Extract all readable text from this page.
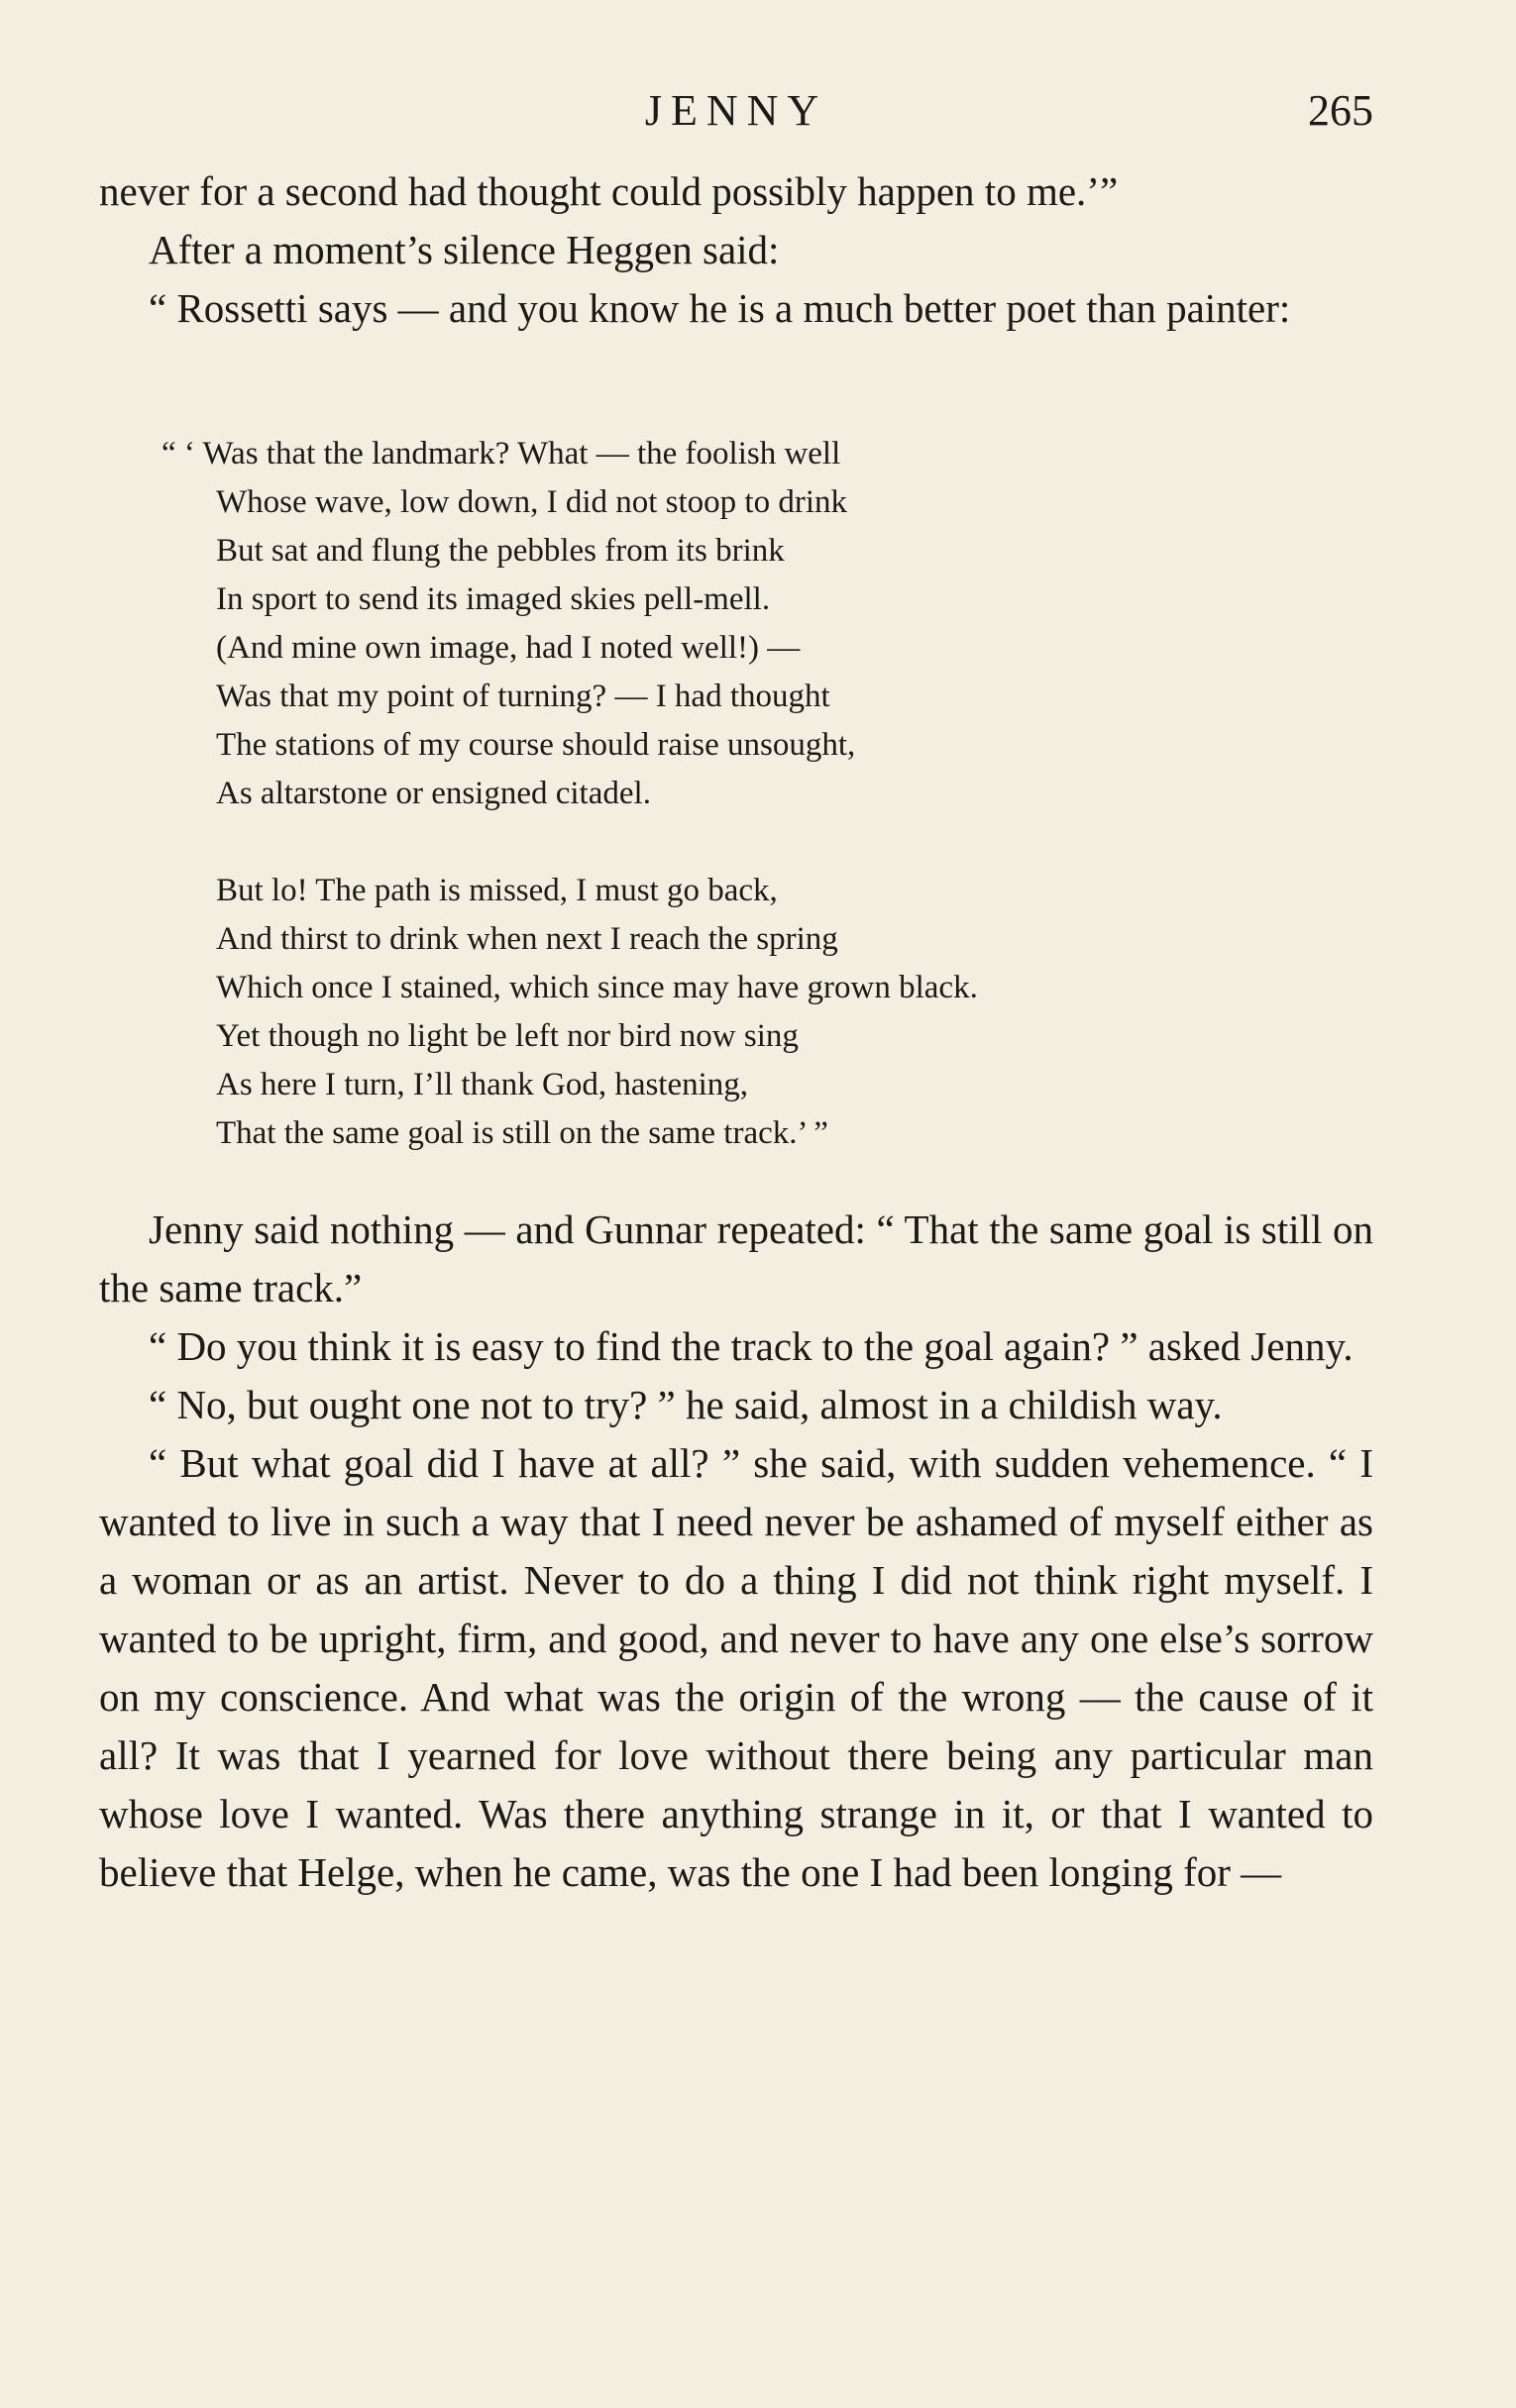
JENNY	265

never for a second had thought could possibly happen to me.’”

After a moment’s silence Heggen said:

“ Rossetti says — and you know he is a much better poet than painter:

“ ‘ Was that the landmark? What — the foolish well
Whose wave, low down, I did not stoop to drink
But sat and flung the pebbles from its brink
In sport to send its imaged skies pell-mell.
(And mine own image, had I noted well!) —
Was that my point of turning? — I had thought
The stations of my course should raise unsought,
As altarstone or ensigned citadel.
But lo! The path is missed, I must go back,
And thirst to drink when next I reach the spring
Which once I stained, which since may have grown black.
Yet though no light be left nor bird now sing
As here I turn, I’ll thank God, hastening,
That the same goal is still on the same track.’ ”

Jenny said nothing — and Gunnar repeated: “ That the same goal is still on the same track.”

“ Do you think it is easy to find the track to the goal again? ” asked Jenny.

“ No, but ought one not to try? ” he said, almost in a childish way.

“ But what goal did I have at all? ” she said, with sudden vehemence. “ I wanted to live in such a way that I need never be ashamed of myself either as a woman or as an artist. Never to do a thing I did not think right myself. I wanted to be upright, firm, and good, and never to have any one else’s sorrow on my conscience. And what was the origin of the wrong — the cause of it all? It was that I yearned for love without there being any particular man whose love I wanted. Was there anything strange in it, or that I wanted to believe that Helge, when he came, was the one I had been longing for —
